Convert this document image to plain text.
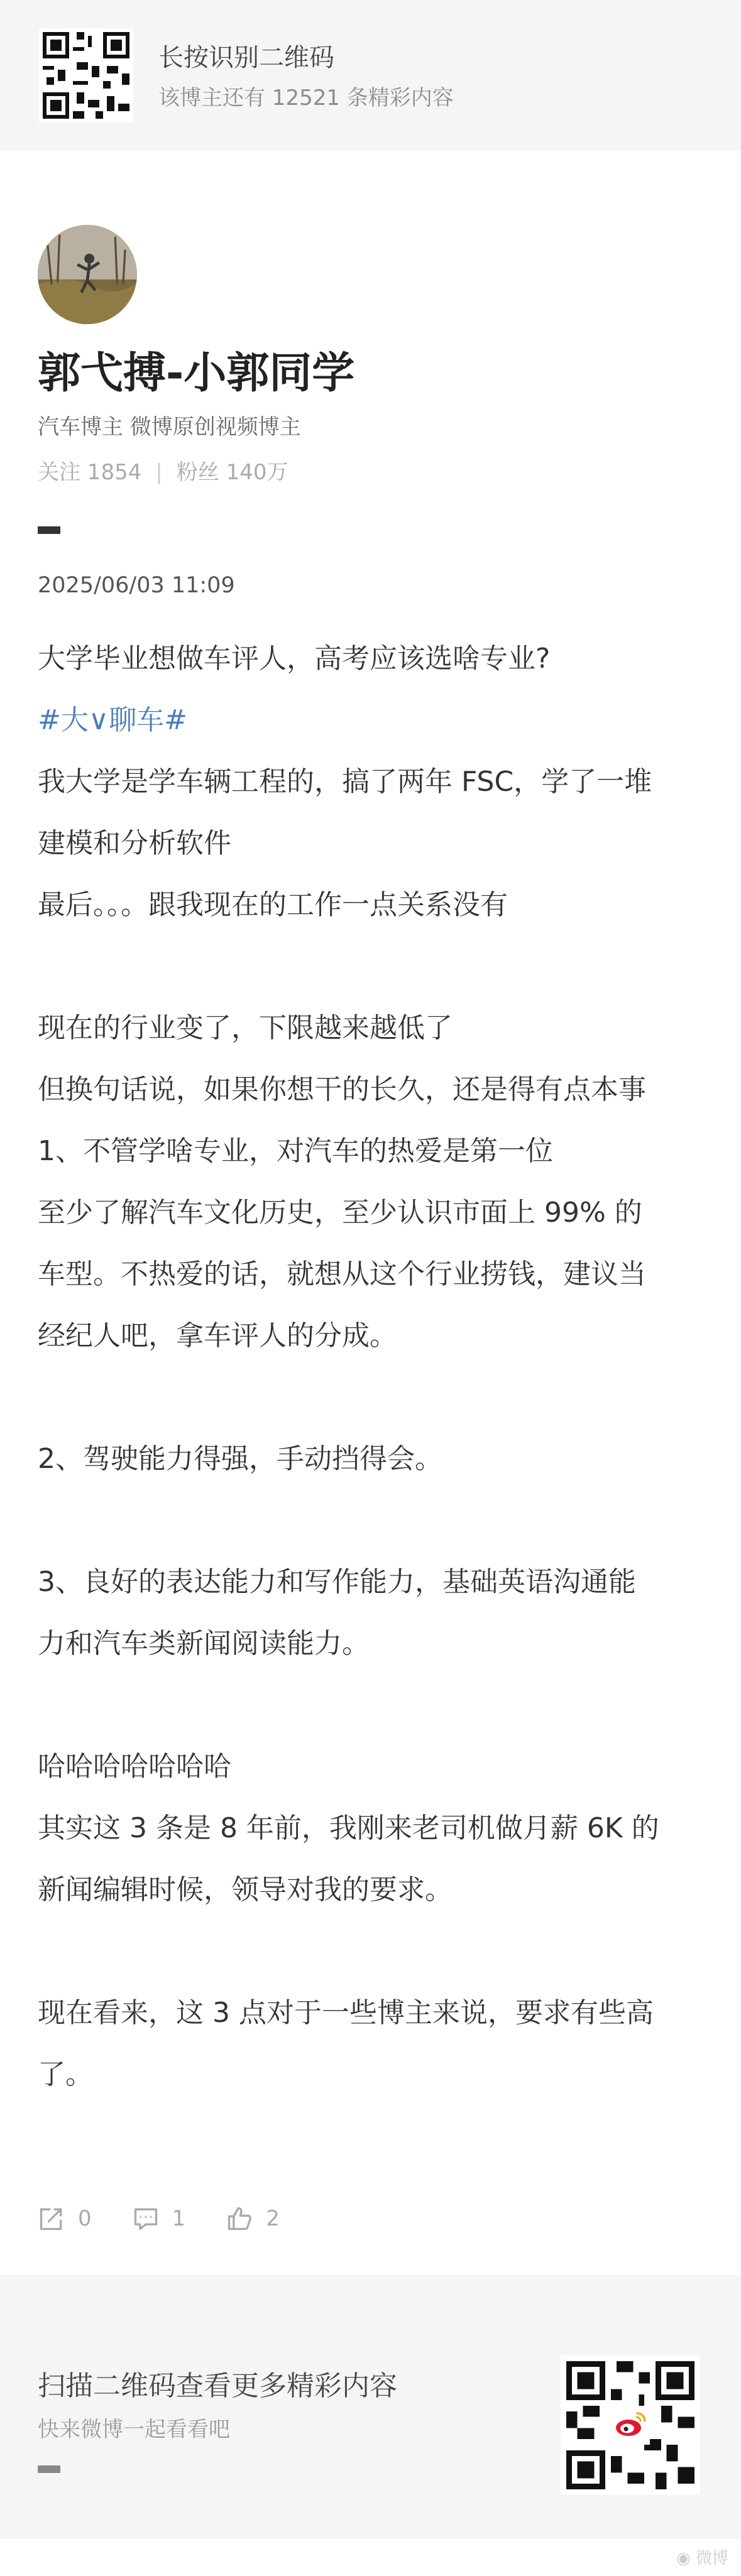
长按识别二维码
该博主还有 12521 条精彩内容
郭弋搏-小郭同学
汽车博主 微博原创视频博主
关注 1854 | 粉丝 140万
2025/06/03 11:09
大学毕业想做车评人，高考应该选啥专业?
#大∨聊车#
我大学是学车辆工程的，搞了两年 FSC，学了一堆
建模和分析软件
最后。。。跟我现在的工作一点关系没有
现在的行业变了，下限越来越低了
但换句话说，如果你想干的长久，还是得有点本事
1、不管学啥专业，对汽车的热爱是第一位
至少了解汽车文化历史，至少认识市面上 99% 的
车型。不热爱的话，就想从这个行业捞钱，建议当
经纪人吧，拿车评人的分成。
2、驾驶能力得强，手动挡得会。
3、良好的表达能力和写作能力，基础英语沟通能
力和汽车类新闻阅读能力。
哈哈哈哈哈哈哈
其实这 3 条是 8 年前，我刚来老司机做月薪 6K 的
新闻编辑时候，领导对我的要求。
现在看来，这 3 点对于一些博主来说，要求有些高
了。
0	1	2
扫描二维码查看更多精彩内容
快来微博一起看看吧
◉ 微博
